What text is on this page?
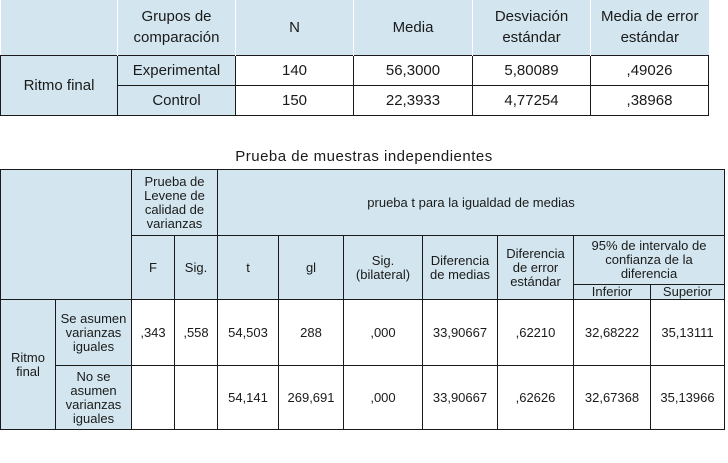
	Grupos de comparación	N	Media	Desviación estándar	Media de error estándar
Ritmo final	Experimental	140	56,3000	5,80089	,49026
	Control	150	22,3933	4,77254	,38968
Prueba de muestras independientes
		Prueba de Levene de calidad de varianzas		prueba t para la igualdad de medias						
		F	Sig.	t	gl	Sig. (bilateral)	Diferencia de medias	Diferencia de error estándar	95% de intervalo de confianza de la diferencia	
									Inferior	Superior
Ritmo final	Se asumen varianzas iguales	,343	,558	54,503	288	,000	33,90667	,62210	32,68222	35,13111
	No se asumen varianzas iguales			54,141	269,691	,000	33,90667	,62626	32,67368	35,13966
